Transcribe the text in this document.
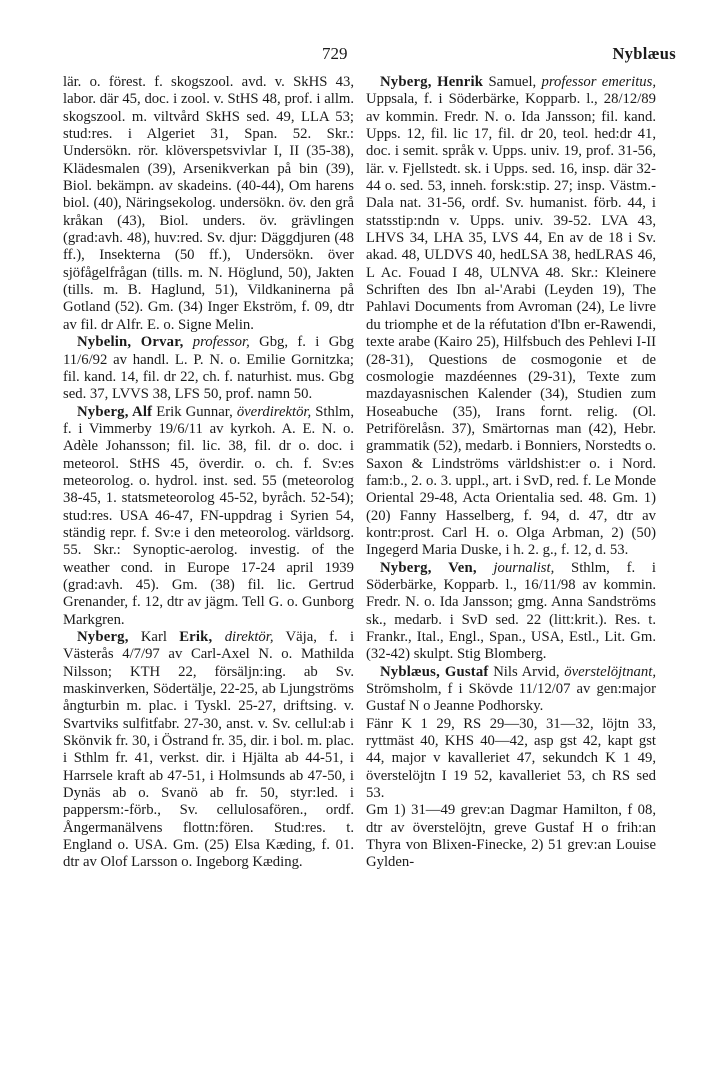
729	Nyblæus

lär. o. förest. f. skogszool. avd. v. SkHS 43, labor. där 45, doc. i zool. v. StHS 48, prof. i allm. skogszool. m. viltvård SkHS sed. 49, LLA 53; stud:res. i Algeriet 31, Span. 52. Skr.: Undersökn. rör. klöverspetsvivlar I, II (35-38), Klädesmalen (39), Arsenikverkan på bin (39), Biol. bekämpn. av skadeins. (40-44), Om harens biol. (40), Näringsekolog. undersökn. öv. den grå kråkan (43), Biol. unders. öv. grävlingen (grad:avh. 48), huv:red. Sv. djur: Däggdjuren (48 ff.), Insekterna (50 ff.), Undersökn. över sjöfågelfrågan (tills. m. N. Höglund, 50), Jakten (tills. m. B. Haglund, 51), Vildkaninerna på Gotland (52). Gm. (34) Inger Ekström, f. 09, dtr av fil. dr Alfr. E. o. Signe Melin.

Nybelin, Orvar, professor, Gbg, f. i Gbg 11/6/92 av handl. L. P. N. o. Emilie Gornitzka; fil. kand. 14, fil. dr 22, ch. f. naturhist. mus. Gbg sed. 37, LVVS 38, LFS 50, prof. namn 50.

Nyberg, Alf Erik Gunnar, överdirektör, Sthlm, f. i Vimmerby 19/6/11 av kyrkoh. A. E. N. o. Adèle Johansson; fil. lic. 38, fil. dr o. doc. i meteorol. StHS 45, överdir. o. ch. f. Sv:es meteorolog. o. hydrol. inst. sed. 55 (meteorolog 38-45, 1. statsmeteorolog 45-52, byråch. 52-54); stud:res. USA 46-47, FN-uppdrag i Syrien 54, ständig repr. f. Sv:e i den meteorolog. världsorg. 55. Skr.: Synoptic-aerolog. investig. of the weather cond. in Europe 17-24 april 1939 (grad:avh. 45). Gm. (38) fil. lic. Gertrud Grenander, f. 12, dtr av jägm. Tell G. o. Gunborg Markgren.

Nyberg, Karl Erik, direktör, Väja, f. i Västerås 4/7/97 av Carl-Axel N. o. Mathilda Nilsson; KTH 22, försäljn:ing. ab Sv. maskinverken, Södertälje, 22-25, ab Ljungströms ångturbin m. plac. i Tyskl. 25-27, driftsing. v. Svartviks sulfitfabr. 27-30, anst. v. Sv. cellul:ab i Skönvik fr. 30, i Östrand fr. 35, dir. i bol. m. plac. i Sthlm fr. 41, verkst. dir. i Hjälta ab 44-51, i Harrsele kraft ab 47-51, i Holmsunds ab 47-50, i Dynäs ab o. Svanö ab fr. 50, styr:led. i pappersm:-förb., Sv. cellulosafören., ordf. Ångermanälvens flottn:fören. Stud:res. t. England o. USA. Gm. (25) Elsa Kæding, f. 01. dtr av Olof Larsson o. Ingeborg Kæding.

Nyberg, Henrik Samuel, professor emeritus, Uppsala, f. i Söderbärke, Kopparb. l., 28/12/89 av kommin. Fredr. N. o. Ida Jansson; fil. kand. Upps. 12, fil. lic 17, fil. dr 20, teol. hed:dr 41, doc. i semit. språk v. Upps. univ. 19, prof. 31-56, lär. v. Fjellstedt. sk. i Upps. sed. 16, insp. där 32-44 o. sed. 53, inneh. forsk:stip. 27; insp. Västm.-Dala nat. 31-56, ordf. Sv. humanist. förb. 44, i statsstip:ndn v. Upps. univ. 39-52. LVA 43, LHVS 34, LHA 35, LVS 44, En av de 18 i Sv. akad. 48, ULDVS 40, hedLSA 38, hedLRAS 46, L Ac. Fouad I 48, ULNVA 48. Skr.: Kleinere Schriften des Ibn al-'Arabi (Leyden 19), The Pahlavi Documents from Avroman (24), Le livre du triomphe et de la réfutation d'Ibn er-Rawendi, texte arabe (Kairo 25), Hilfsbuch des Pehlevi I-II (28-31), Questions de cosmogonie et de cosmologie mazdéennes (29-31), Texte zum mazdayasnischen Kalender (34), Studien zum Hoseabuche (35), Irans fornt. relig. (Ol. Petriförelåsn. 37), Smärtornas man (42), Hebr. grammatik (52), medarb. i Bonniers, Norstedts o. Saxon & Lindströms världshist:er o. i Nord. fam:b., 2. o. 3. uppl., art. i SvD, red. f. Le Monde Oriental 29-48, Acta Orientalia sed. 48. Gm. 1) (20) Fanny Hasselberg, f. 94, d. 47, dtr av kontr:prost. Carl H. o. Olga Arbman, 2) (50) Ingegerd Maria Duske, i h. 2. g., f. 12, d. 53.

Nyberg, Ven, journalist, Sthlm, f. i Söderbärke, Kopparb. l., 16/11/98 av kommin. Fredr. N. o. Ida Jansson; gmg. Anna Sandströms sk., medarb. i SvD sed. 22 (litt:krit.). Res. t. Frankr., Ital., Engl., Span., USA, Estl., Lit. Gm. (32-42) skulpt. Stig Blomberg.

Nyblæus, Gustaf Nils Arvid, överstelöjtnant, Strömsholm, f i Skövde 11/12/07 av gen:major Gustaf N o Jeanne Podhorsky.

Fänr K 1 29, RS 29—30, 31—32, löjtn 33, ryttmäst 40, KHS 40—42, asp gst 42, kapt gst 44, major v kavalleriet 47, sekundch K 1 49, överstelöjtn I 19 52, kavalleriet 53, ch RS sed 53.

Gm 1) 31—49 grev:an Dagmar Hamilton, f 08, dtr av överstelöjtn, greve Gustaf H o frih:an Thyra von Blixen-Finecke, 2) 51 grev:an Louise Gylden-
